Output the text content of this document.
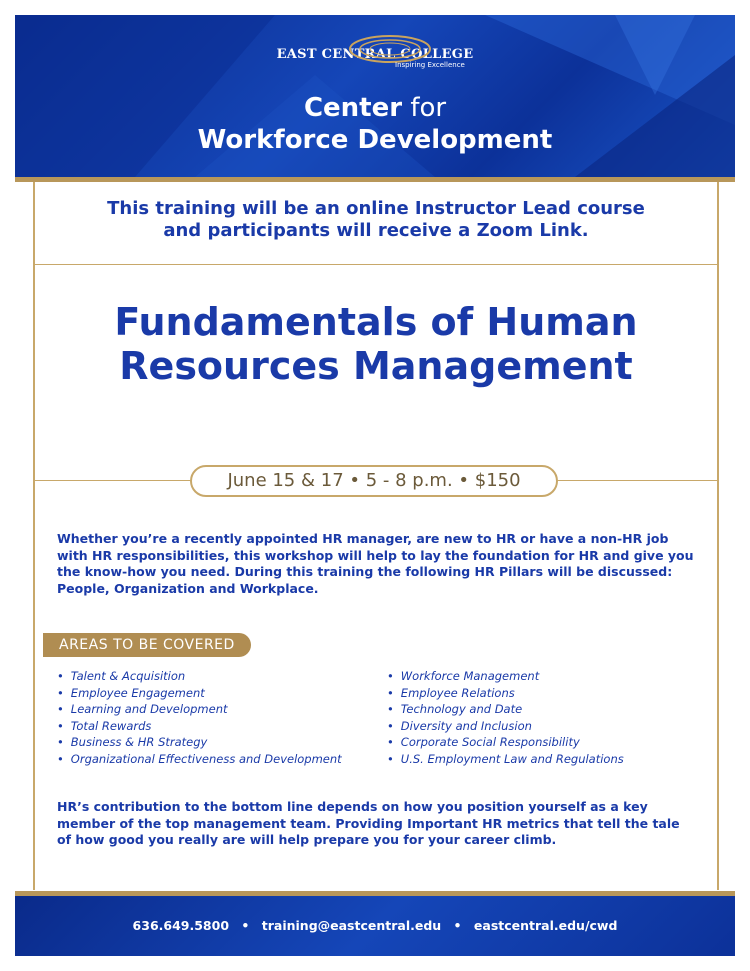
EAST CENTRAL COLLEGE
Inspiring Excellence
Center for
Workforce Development
This training will be an online Instructor Lead course
and participants will receive a Zoom Link.
Fundamentals of Human
Resources Management
June 15 & 17 • 5 - 8 p.m. • $150
Whether you’re a recently appointed HR manager, are new to HR or have a non-HR job with HR responsibilities, this workshop will help to lay the foundation for HR and give you the know-how you need. During this training the following HR Pillars will be discussed: People, Organization and Workplace.
AREAS TO BE COVERED
• Talent & Acquisition
• Employee Engagement
• Learning and Development
• Total Rewards
• Business & HR Strategy
• Organizational Effectiveness and Development
• Workforce Management
• Employee Relations
• Technology and Date
• Diversity and Inclusion
• Corporate Social Responsibility
• U.S. Employment Law and Regulations
HR’s contribution to the bottom line depends on how you position yourself as a key member of the top management team. Providing Important HR metrics that tell the tale of how good you really are will help prepare you for your career climb.
636.649.5800 • training@eastcentral.edu • eastcentral.edu/cwd
